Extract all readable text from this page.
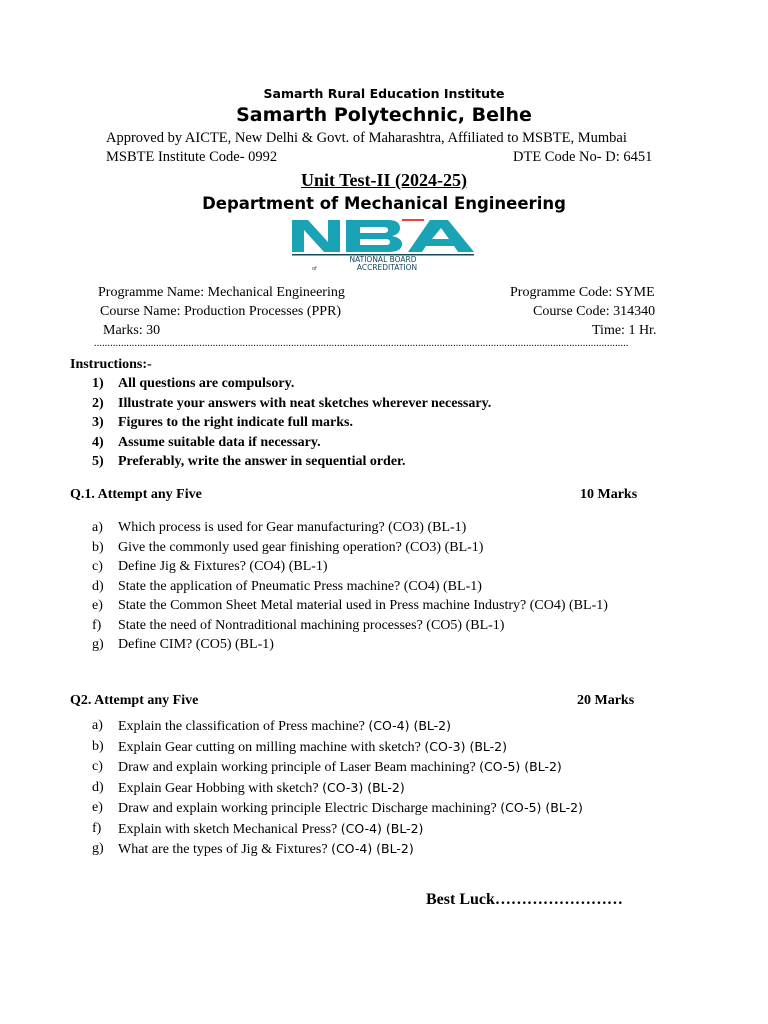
Samarth Rural Education Institute
Samarth Polytechnic, Belhe
Approved by AICTE, New Delhi & Govt. of Maharashtra, Affiliated to MSBTE, Mumbai
MSBTE Institute Code- 0992	DTE Code No- D: 6451
Unit Test-II (2024-25)
Department of Mechanical Engineering
NATIONAL BOARD
ACCREDITATION
of
Programme Name: Mechanical Engineering	Programme Code: SYME
Course Name: Production Processes (PPR)	Course Code: 314340
Marks: 30	Time: 1 Hr.
......................................................................................................................................................................................................
Instructions:-
1)	All questions are compulsory.
2)	Illustrate your answers with neat sketches wherever necessary.
3)	Figures to the right indicate full marks.
4)	Assume suitable data if necessary.
5)	Preferably, write the answer in sequential order.
Q.1. Attempt any Five	10 Marks
a)	Which process is used for Gear manufacturing? (CO3) (BL-1)
b)	Give the commonly used gear finishing operation? (CO3) (BL-1)
c)	Define Jig & Fixtures? (CO4) (BL-1)
d)	State the application of Pneumatic Press machine? (CO4) (BL-1)
e)	State the Common Sheet Metal material used in Press machine Industry? (CO4) (BL-1)
f)	State the need of Nontraditional machining processes? (CO5) (BL-1)
g)	Define CIM? (CO5) (BL-1)
Q2. Attempt any Five	20 Marks
a)	Explain the classification of Press machine? (CO-4) (BL-2)
b)	Explain Gear cutting on milling machine with sketch? (CO-3) (BL-2)
c)	Draw and explain working principle of Laser Beam machining? (CO-5) (BL-2)
d)	Explain Gear Hobbing with sketch? (CO-3) (BL-2)
e)	Draw and explain working principle Electric Discharge machining? (CO-5) (BL-2)
f)	Explain with sketch Mechanical Press? (CO-4) (BL-2)
g)	What are the types of Jig & Fixtures? (CO-4) (BL-2)
Best Luck……………………
